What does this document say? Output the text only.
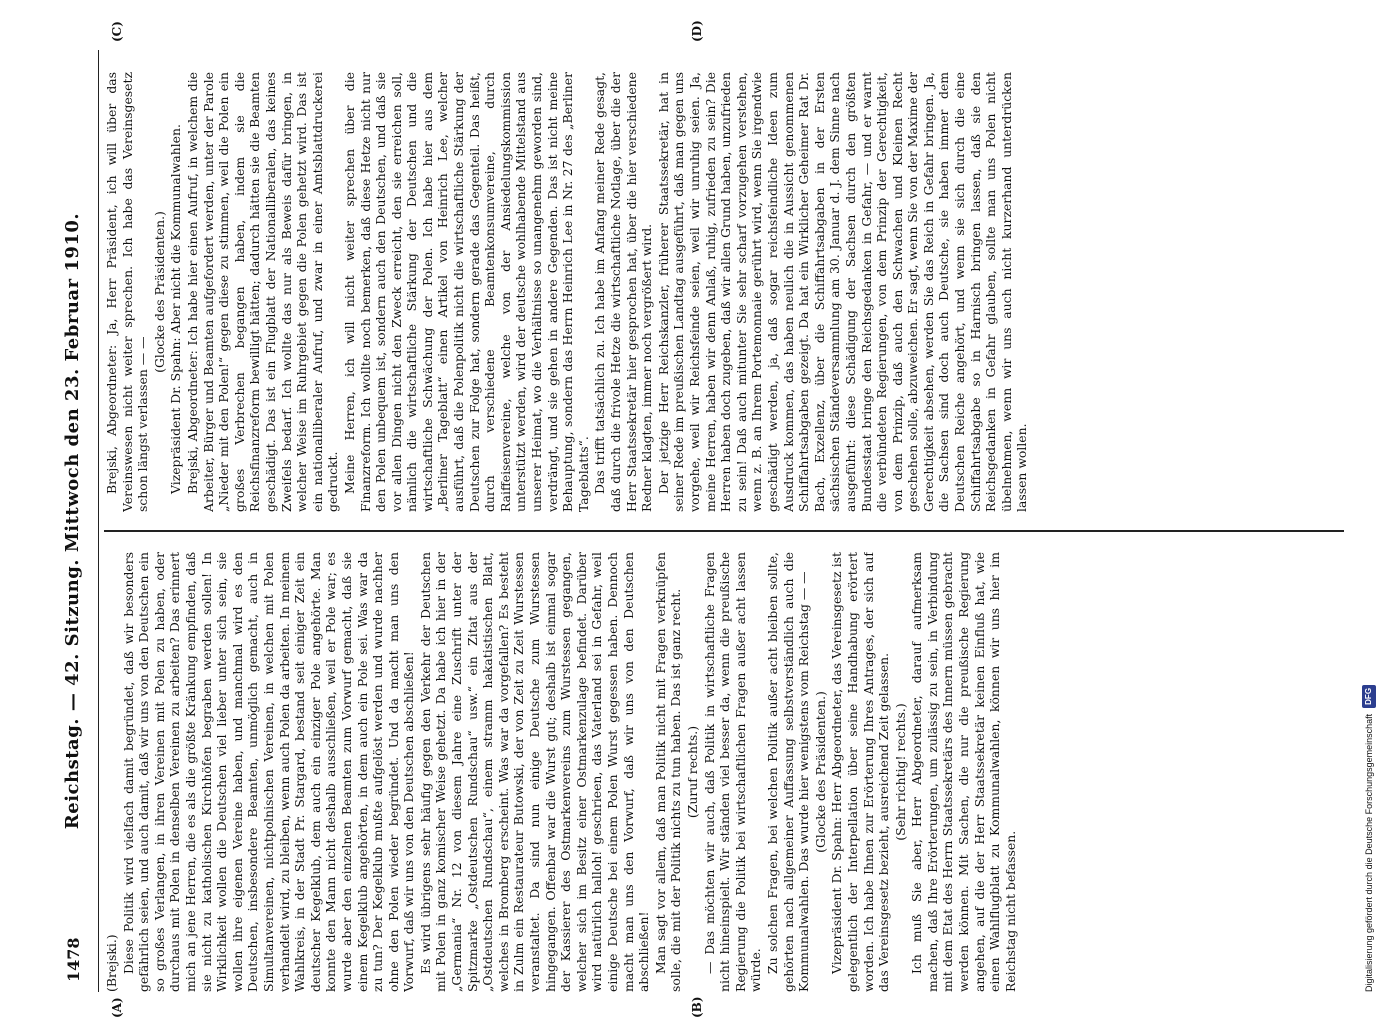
1478
Reichstag. — 42. Sitzung. Mittwoch den 23. Februar 1910.
(A)	(B)
(C)	(D)

(Brejski.) Diese Politik wird vielfach damit begründet, daß wir besonders gefährlich seien, und auch damit, daß wir uns von den Deutschen ein so großes Verlangen, in ihren Vereinen mit Polen zu haben, oder durchaus mit Polen in denselben Vereinen zu arbeiten? Das erinnert mich an jene Herren, die es als die größte Kränkung empfinden, daß sie nicht zu katholischen Kirchhöfen begraben werden sollen! In Wirklichkeit wollen die Deutschen viel lieber unter sich sein, sie wollen ihre eigenen Vereine haben, und manchmal wird es den Deutschen, insbesondere Beamten, unmöglich gemacht, auch in Simultanvereinen, nichtpolnischen Vereinen, in welchen mit Polen verhandelt wird, zu bleiben, wenn auch Polen da arbeiten. In meinem Wahlkreis, in der Stadt Pr. Stargard, bestand seit einiger Zeit ein deutscher Kegelklub, dem auch ein einziger Pole angehörte. Man konnte den Mann nicht deshalb ausschließen, weil er Pole war; es wurde aber den einzelnen Beamten zum Vorwurf gemacht, daß sie einem Kegelklub angehörten, in dem auch ein Pole sei. Was war da zu tun? Der Kegelklub mußte aufgelöst werden und wurde nachher ohne den Polen wieder begründet. Und da macht man uns den Vorwurf, daß wir uns von den Deutschen abschließen! Es wird übrigens sehr häufig gegen den Verkehr der Deutschen mit Polen in ganz komischer Weise gehetzt. Da habe ich hier in der „Germania“ Nr. 12 von diesem Jahre eine Zuschrift unter der Spitzmarke „Ostdeutschen Rundschau“ usw.“ ein Zitat aus der „Ostdeutschen Rundschau“, einem stramm hakatistischen Blatt, welches in Bromberg erscheint. Was war da vorgefallen? Es besteht in Zulm ein Restaurateur Butowski, der von Zeit zu Zeit Wurstessen veranstaltet. Da sind nun einige Deutsche zum Wurstessen hingegangen. Offenbar war die Wurst gut; deshalb ist einmal sogar der Kassierer des Ostmarkenvereins zum Wurstessen gegangen, welcher sich im Besitz einer Ostmarkenzulage befindet. Darüber wird natürlich halloh! geschrieen, das Vaterland sei in Gefahr, weil einige Deutsche bei einem Polen Wurst gegessen haben. Dennoch macht man uns den Vorwurf, daß wir uns von den Deutschen abschließen! Man sagt vor allem, daß man Politik nicht mit Fragen verknüpfen solle, die mit der Politik nichts zu tun haben. Das ist ganz recht. (Zuruf rechts.) — Das möchten wir auch, daß Politik in wirtschaftliche Fragen nicht hineinspielt. Wir ständen viel besser da, wenn die preußische Regierung die Politik bei wirtschaftlichen Fragen außer acht lassen würde. Zu solchen Fragen, bei welchen Politik außer acht bleiben sollte, gehörten nach allgemeiner Auffassung selbstverständlich auch die Kommunalwahlen. Das wurde hier wenigstens vom Reichstag — — (Glocke des Präsidenten.) Vizepräsident Dr. Spahn: Herr Abgeordneter, das Vereinsgesetz ist gelegentlich der Interpellation über seine Handhabung erörtert worden. Ich habe Ihnen zur Erörterung Ihres Antrages, der sich auf das Vereinsgesetz bezieht, ausreichend Zeit gelassen. (Sehr richtig! rechts.) Ich muß Sie aber, Herr Abgeordneter, darauf aufmerksam machen, daß Ihre Erörterungen, um zulässig zu sein, in Verbindung mit dem Etat des Herrn Staatssekretärs des Innern müssen gebracht werden können. Mit Sachen, die nur die preußische Regierung angehen, auf die der Herr Staatssekretär keinen Einfluß hat, wie einen Wahlflugblatt zu Kommunalwahlen, können wir uns hier im Reichstag nicht befassen.

Brejski, Abgeordneter: Ja, Herr Präsident, ich will über das Vereinswesen nicht weiter sprechen. Ich habe das Vereinsgesetz schon längst verlassen — —

(Glocke des Präsidenten.) Vizepräsident Dr. Spahn: Aber nicht die Kommunalwahlen. Brejski, Abgeordneter: Ich habe hier einen Aufruf, in welchem die Arbeiter, Bürger und Beamten aufgefordert werden, unter der Parole „Nieder mit den Polen!“ gegen diese zu stimmen, weil die Polen ein großes Verbrechen begangen haben, indem sie die Reichsfinanzreform bewilligt hätten; dadurch hätten sie die Beamten geschädigt. Das ist ein Flugblatt der Nationalliberalen, das keines Zweifels bedarf. Ich wollte das nur als Beweis dafür bringen, in welcher Weise im Ruhrgebiet gegen die Polen gehetzt wird. Das ist ein nationalliberaler Aufruf, und zwar in einer Amtsblattdruckerei gedruckt. Meine Herren, ich will nicht weiter sprechen über die Finanzreform. Ich wollte noch bemerken, daß diese Hetze nicht nur den Polen unbequem ist, sondern auch den Deutschen, und daß sie vor allen Dingen nicht den Zweck erreicht, den sie erreichen soll, nämlich die wirtschaftliche Stärkung der Deutschen und die wirtschaftliche Schwächung der Polen. Ich habe hier aus dem „Berliner Tageblatt“ einen Artikel von Heinrich Lee, welcher ausführt, daß die Polenpolitik nicht die wirtschaftliche Stärkung der Deutschen zur Folge hat, sondern gerade das Gegenteil. Das heißt, durch verschiedene Beamtenkonsumvereine, durch Raiffeisenvereine, welche von der Ansiedelungskommission unterstützt werden, wird der deutsche wohlhabende Mittelstand aus unserer Heimat, wo die Verhältnisse so unangenehm geworden sind, verdrängt, und sie gehen in andere Gegenden. Das ist nicht meine Behauptung, sondern das Herrn Heinrich Lee in Nr. 27 des „Berliner Tageblatts“. Das trifft tatsächlich zu. Ich habe im Anfang meiner Rede gesagt, daß durch die frivole Hetze die wirtschaftliche Notlage, über die der Herr Staatssekretär hier gesprochen hat, über die hier verschiedene Redner klagten, immer noch vergrößert wird. Der jetzige Herr Reichskanzler, früherer Staatssekretär, hat in seiner Rede im preußischen Landtag ausgeführt, daß man gegen uns vorgehe, weil wir Reichsfeinde seien, weil wir unruhig seien. Ja, meine Herren, haben wir denn Anlaß, ruhig, zufrieden zu sein? Die Herren haben doch zugeben, daß wir allen Grund haben, unzufrieden zu sein! Daß auch mitunter Sie sehr scharf vorzugehen verstehen, wenn z. B. an Ihrem Portemonnaie gerührt wird, wenn Sie irgendwie geschädigt werden, ja, daß sogar reichsfeindliche Ideen zum Ausdruck kommen, das haben neulich die in Aussicht genommenen Schiffahrtsabgaben gezeigt. Da hat ein Wirklicher Geheimer Rat Dr. Bach, Exzellenz, über die Schiffahrtsabgaben in der Ersten sächsischen Ständeversammlung am 30. Januar d. J. dem Sinne nach ausgeführt: diese Schädigung der Sachsen durch den größten Bundesstaat bringe den Reichsgedanken in Gefahr, — und er warnt die verbündeten Regierungen, von dem Prinzip der Gerechtigkeit, von dem Prinzip, daß auch den Schwachen und Kleinen Recht geschehen solle, abzuweichen. Er sagt, wenn Sie von der Maxime der Gerechtigkeit absehen, werden Sie das Reich in Gefahr bringen. Ja, die Sachsen sind doch auch Deutsche, sie haben immer dem Deutschen Reiche angehört, und wenn sie sich durch die eine Schiffahrtsabgabe so in Harnisch bringen lassen, daß sie den Reichsgedanken in Gefahr glauben, sollte man uns Polen nicht übelnehmen, wenn wir uns auch nicht kurzerhand unterdrücken lassen wollen.

Digitalisierung gefördert durch die Deutsche Forschungsgemeinschaft
DFG
